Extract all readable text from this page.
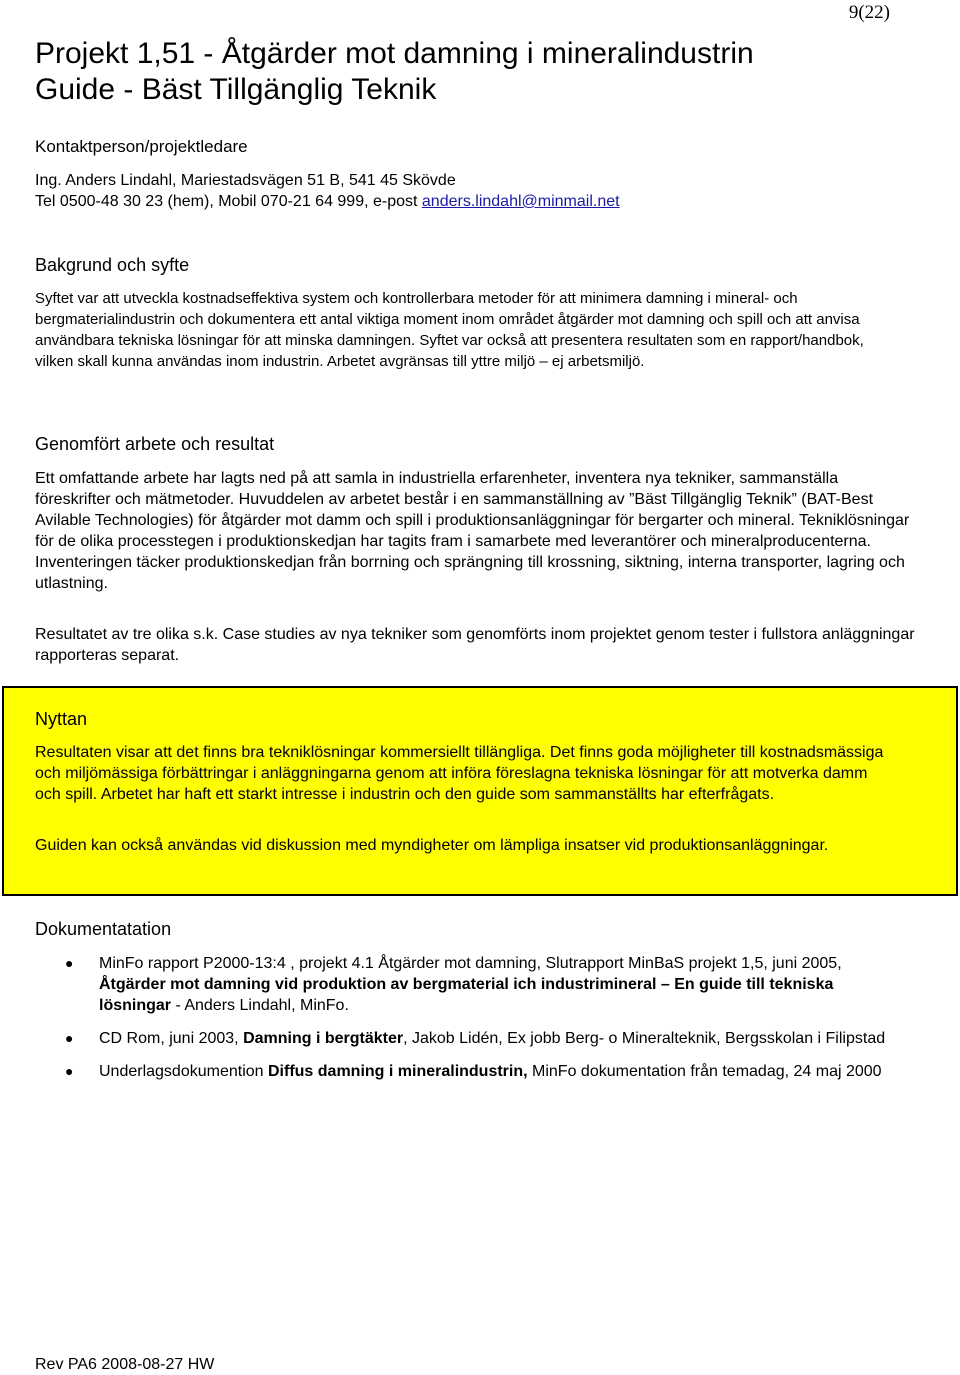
9(22)
Projekt 1,51 - Åtgärder mot damning i mineralindustrin
Guide - Bäst Tillgänglig Teknik
Kontaktperson/projektledare
Ing. Anders Lindahl, Mariestadsvägen 51 B, 541 45 Skövde
Tel 0500-48 30 23 (hem), Mobil 070-21 64 999, e-post anders.lindahl@minmail.net
Bakgrund och syfte

Syftet var att utveckla kostnadseffektiva system och kontrollerbara metoder för att minimera damning i mineral- och bergmaterialindustrin och dokumentera ett antal viktiga moment inom området åtgärder mot damning och spill och att anvisa användbara tekniska lösningar för att minska damningen. Syftet var också att presentera resultaten som en rapport/handbok, vilken skall kunna användas inom industrin. Arbetet avgränsas till yttre miljö – ej arbetsmiljö.

Genomfört arbete och resultat

Ett omfattande arbete har lagts ned på att samla in industriella erfarenheter, inventera nya tekniker, sammanställa föreskrifter och mätmetoder. Huvuddelen av arbetet består i en sammanställning av ”Bäst Tillgänglig Teknik” (BAT-Best Avilable Technologies) för åtgärder mot damm och spill i produktionsanläggningar för bergarter och mineral. Tekniklösningar för de olika processtegen i produktionskedjan har tagits fram i samarbete med leverantörer och mineralproducenterna. Inventeringen täcker produktionskedjan från borrning och sprängning till krossning, siktning, interna transporter, lagring och utlastning.

Resultatet av tre olika s.k. Case studies av nya tekniker som genomförts inom projektet genom tester i fullstora anläggningar rapporteras separat.

Nyttan

Resultaten visar att det finns bra tekniklösningar kommersiellt tillängliga. Det finns goda möjligheter till kostnadsmässiga och miljömässiga förbättringar i anläggningarna genom att införa föreslagna tekniska lösningar för att motverka damm och spill. Arbetet har haft ett starkt intresse i industrin och den guide som sammanställts har efterfrågats.

Guiden kan också användas vid diskussion med myndigheter om lämpliga insatser vid produktionsanläggningar.

Dokumentatation
● MinFo rapport P2000-13:4 , projekt 4.1 Åtgärder mot damning, Slutrapport MinBaS projekt 1,5, juni 2005, Åtgärder mot damning vid produktion av bergmaterial ich industrimineral – En guide till tekniska lösningar - Anders Lindahl, MinFo.
● CD Rom, juni 2003, Damning i bergtäkter, Jakob Lidén, Ex jobb Berg- o Mineralteknik, Bergsskolan i Filipstad
● Underlagsdokumention Diffus damning i mineralindustrin, MinFo dokumentation från temadag, 24 maj 2000
Rev PA6 2008-08-27 HW
